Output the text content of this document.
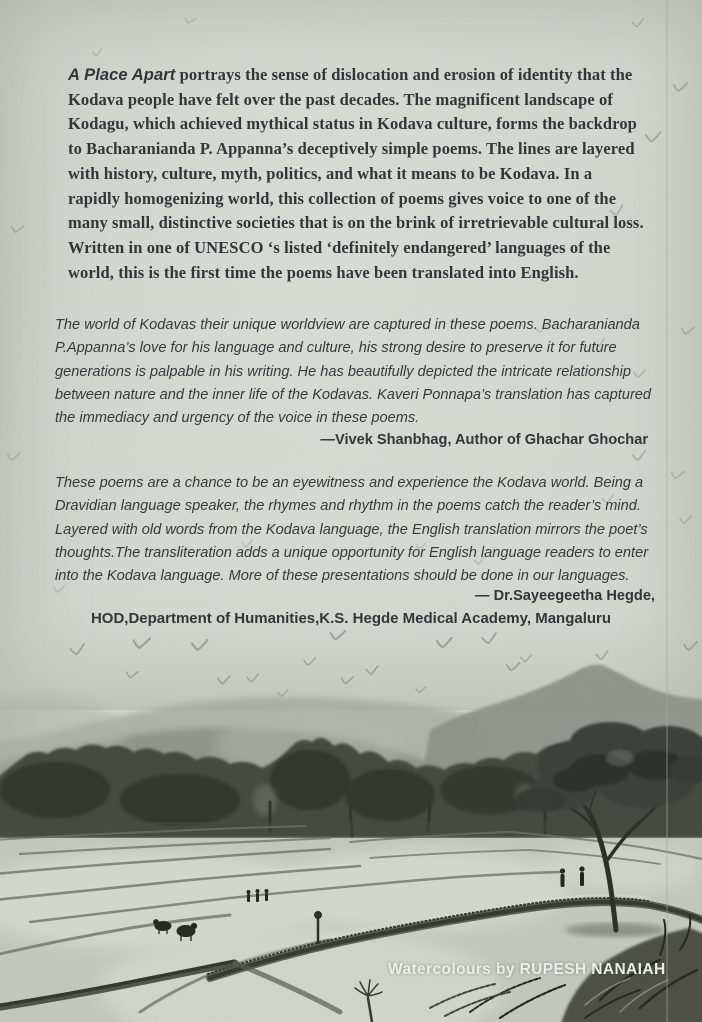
A Place Apart portrays the sense of dislocation and erosion of identity that the Kodava people have felt over the past decades. The magnificent landscape of Kodagu, which achieved mythical status in Kodava culture, forms the backdrop to Bacharanianda P. Appanna’s deceptively simple poems. The lines are layered with history, culture, myth, politics, and what it means to be Kodava. In a rapidly homogenizing world, this collection of poems gives voice to one of the many small, distinctive societies that is on the brink of irretrievable cultural loss. Written in one of UNESCO ‘s listed ‘definitely endangered’ languages of the world, this is the first time the poems have been translated into English.
The world of Kodavas their unique worldview are captured in these poems. Bacharanianda P.Appanna’s love for his language and culture, his strong desire to preserve it for future generations is palpable in his writing. He has beautifully depicted the intricate relationship between nature and the inner life of the Kodavas. Kaveri Ponnapa’s translation has captured the immediacy and urgency of the voice in these poems.
—Vivek Shanbhag, Author of Ghachar Ghochar
These poems are a chance to be an eyewitness and experience the Kodava world. Being a Dravidian language speaker, the rhymes and rhythm in the poems catch the reader’s mind. Layered with old words from the Kodava language, the English translation mirrors the poet’s thoughts.The transliteration adds a unique opportunity for English language readers to enter into the Kodava language. More of these presentations should be done in our languages.
— Dr.Sayeegeetha Hegde,
HOD,Department of Humanities,K.S. Hegde Medical Academy, Mangaluru
Watercolours by RUPESH NANAIAH
